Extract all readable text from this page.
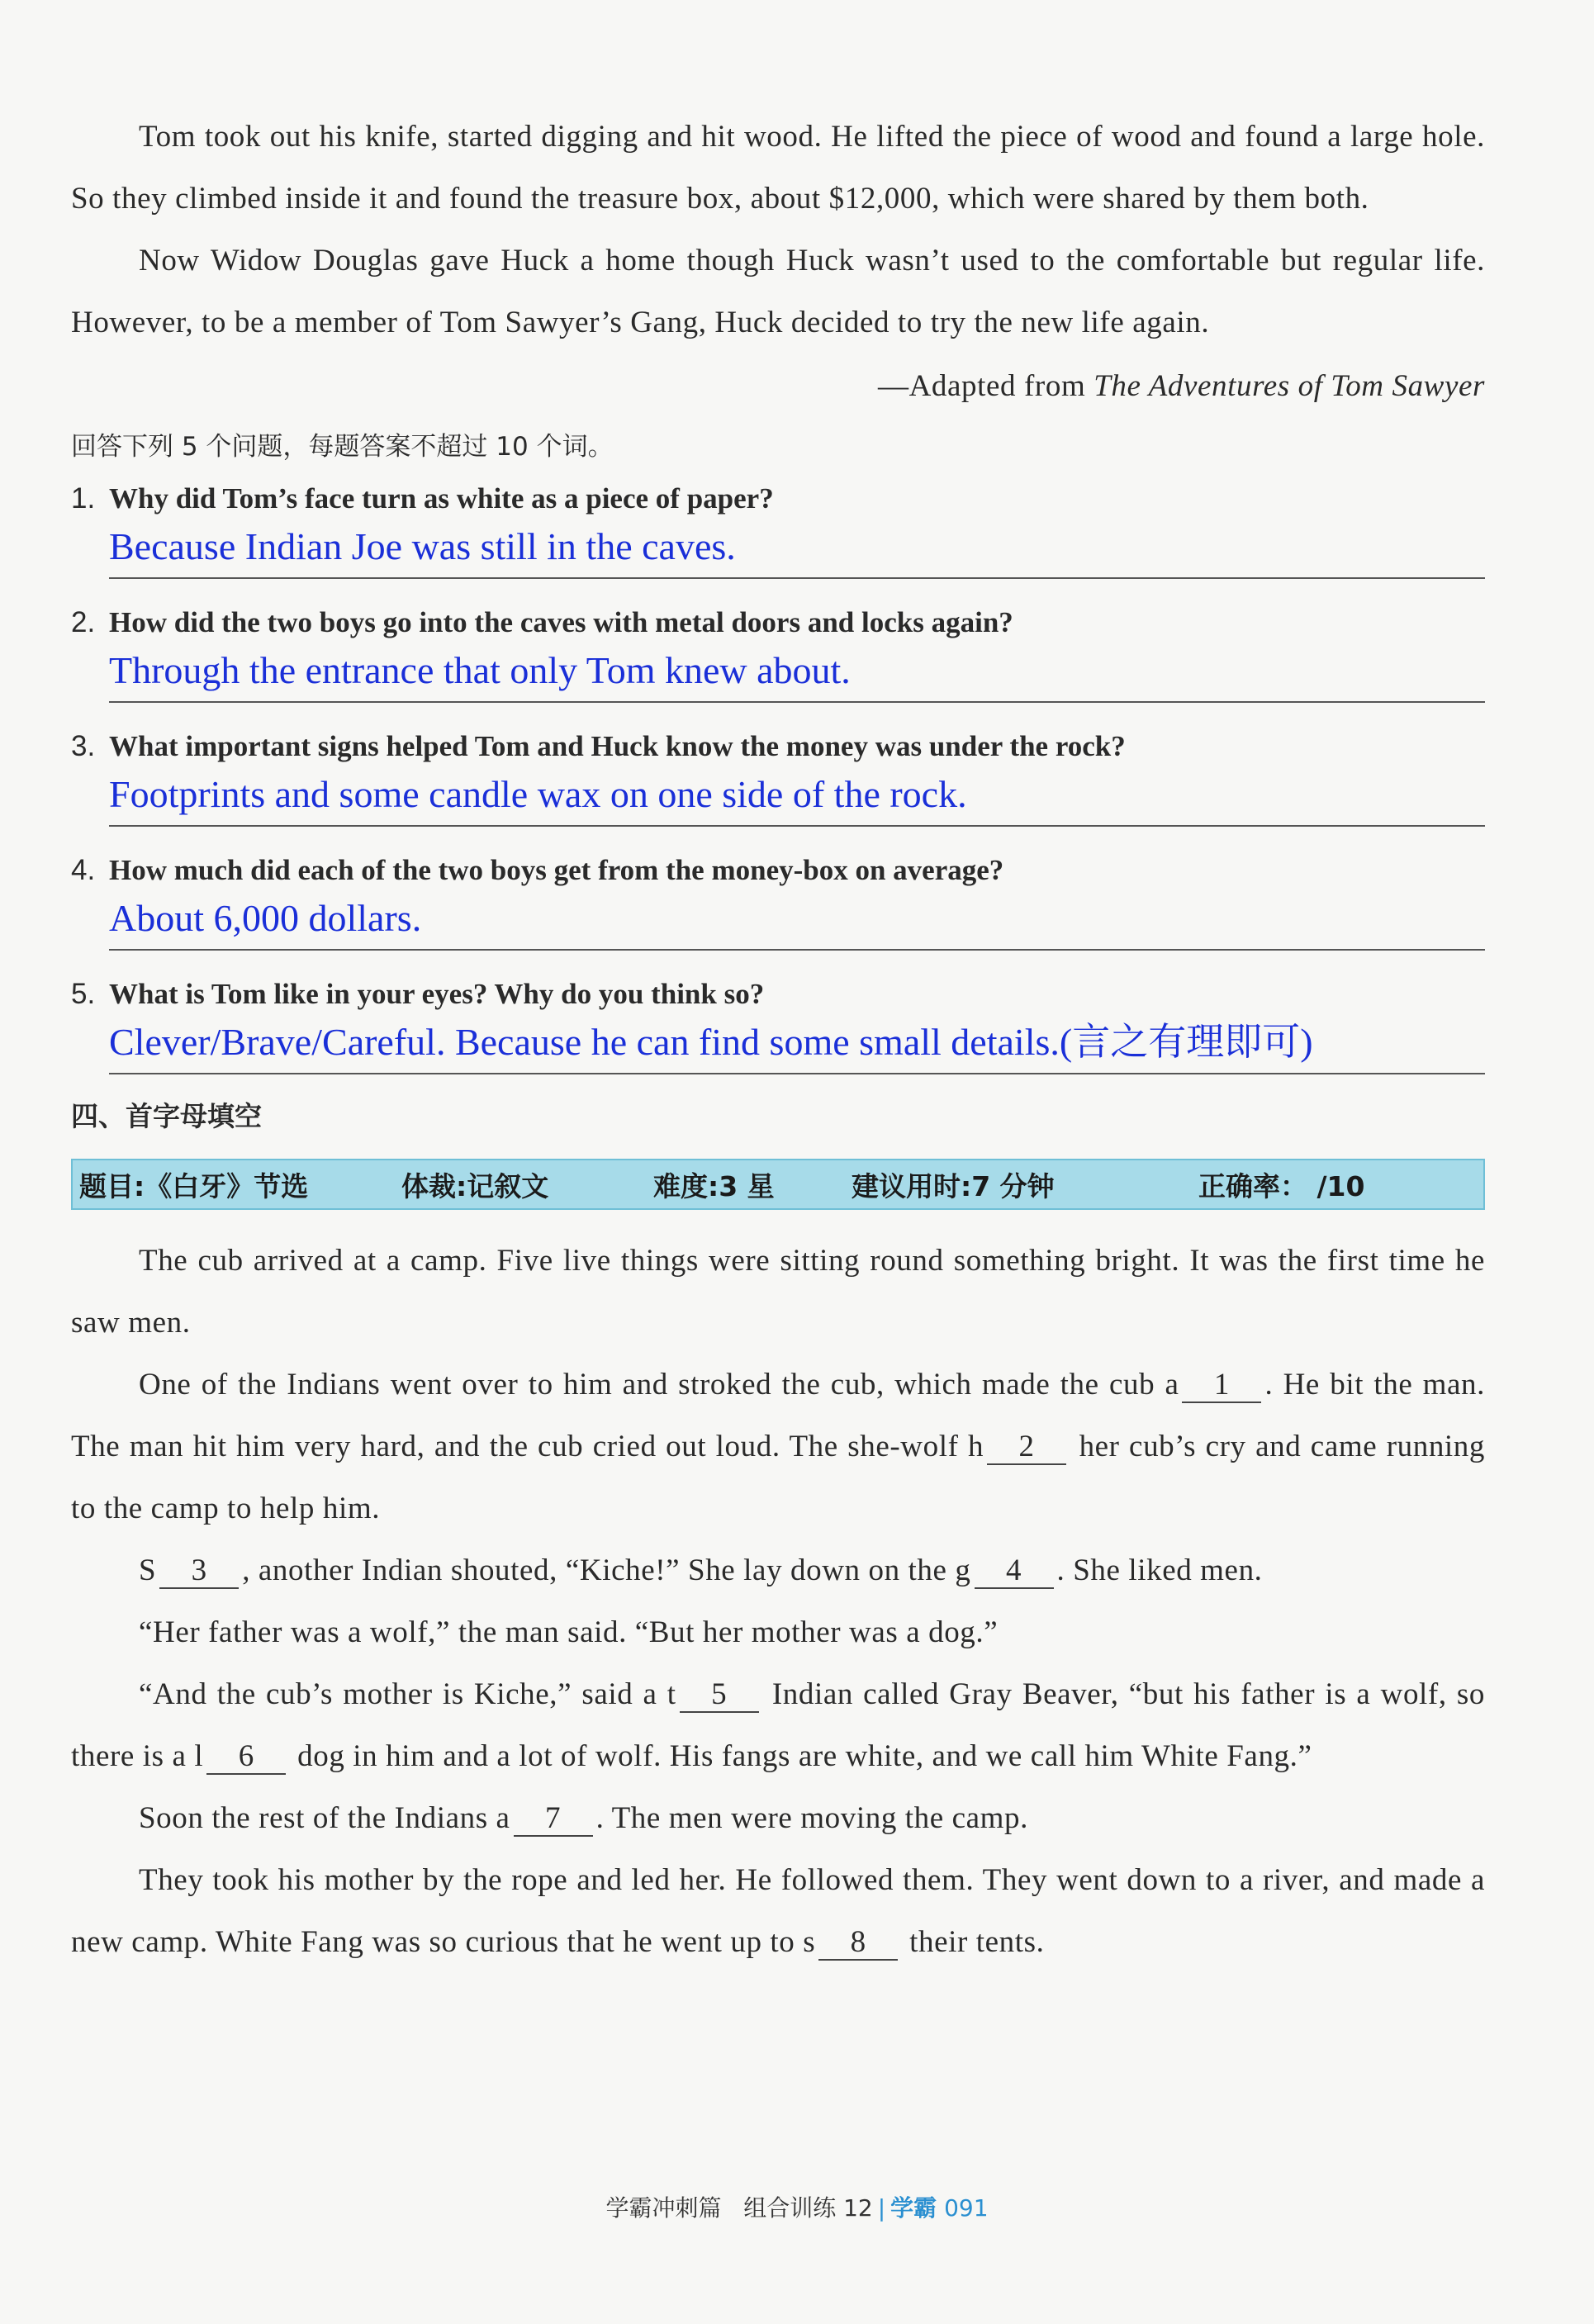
Tom took out his knife, started digging and hit wood. He lifted the piece of wood and found a large hole. So they climbed inside it and found the treasure box, about $12,000, which were shared by them both.

Now Widow Douglas gave Huck a home though Huck wasn’t used to the comfortable but regular life. However, to be a member of Tom Sawyer’s Gang, Huck decided to try the new life again.

—Adapted from The Adventures of Tom Sawyer

回答下列 5 个问题，每题答案不超过 10 个词。
1. Why did Tom’s face turn as white as a piece of paper?
Because Indian Joe was still in the caves.
2. How did the two boys go into the caves with metal doors and locks again?
Through the entrance that only Tom knew about.
3. What important signs helped Tom and Huck know the money was under the rock?
Footprints and some candle wax on one side of the rock.
4. How much did each of the two boys get from the money-box on average?
About 6,000 dollars.
5. What is Tom like in your eyes? Why do you think so?
Clever/Brave/Careful. Because he can find some small details.(言之有理即可)
四、首字母填空
题目:《白牙》节选	体裁:记叙文	难度:3 星	建议用时:7 分钟	正确率： /10

The cub arrived at a camp. Five live things were sitting round something bright. It was the first time he saw men.

One of the Indians went over to him and stroked the cub, which made the cub a 1 . He bit the man. The man hit him very hard, and the cub cried out loud. The she-wolf h 2 her cub’s cry and came running to the camp to help him.

S 3 , another Indian shouted, “Kiche!” She lay down on the g 4 . She liked men.

“Her father was a wolf,” the man said. “But her mother was a dog.”

“And the cub’s mother is Kiche,” said a t 5 Indian called Gray Beaver, “but his father is a wolf, so there is a l 6 dog in him and a lot of wolf. His fangs are white, and we call him White Fang.”

Soon the rest of the Indians a 7 . The men were moving the camp.

They took his mother by the rope and led her. He followed them. They went down to a river, and made a new camp. White Fang was so curious that he went up to s 8 their tents.

学霸冲刺篇 组合训练 12 | 学霸 091
